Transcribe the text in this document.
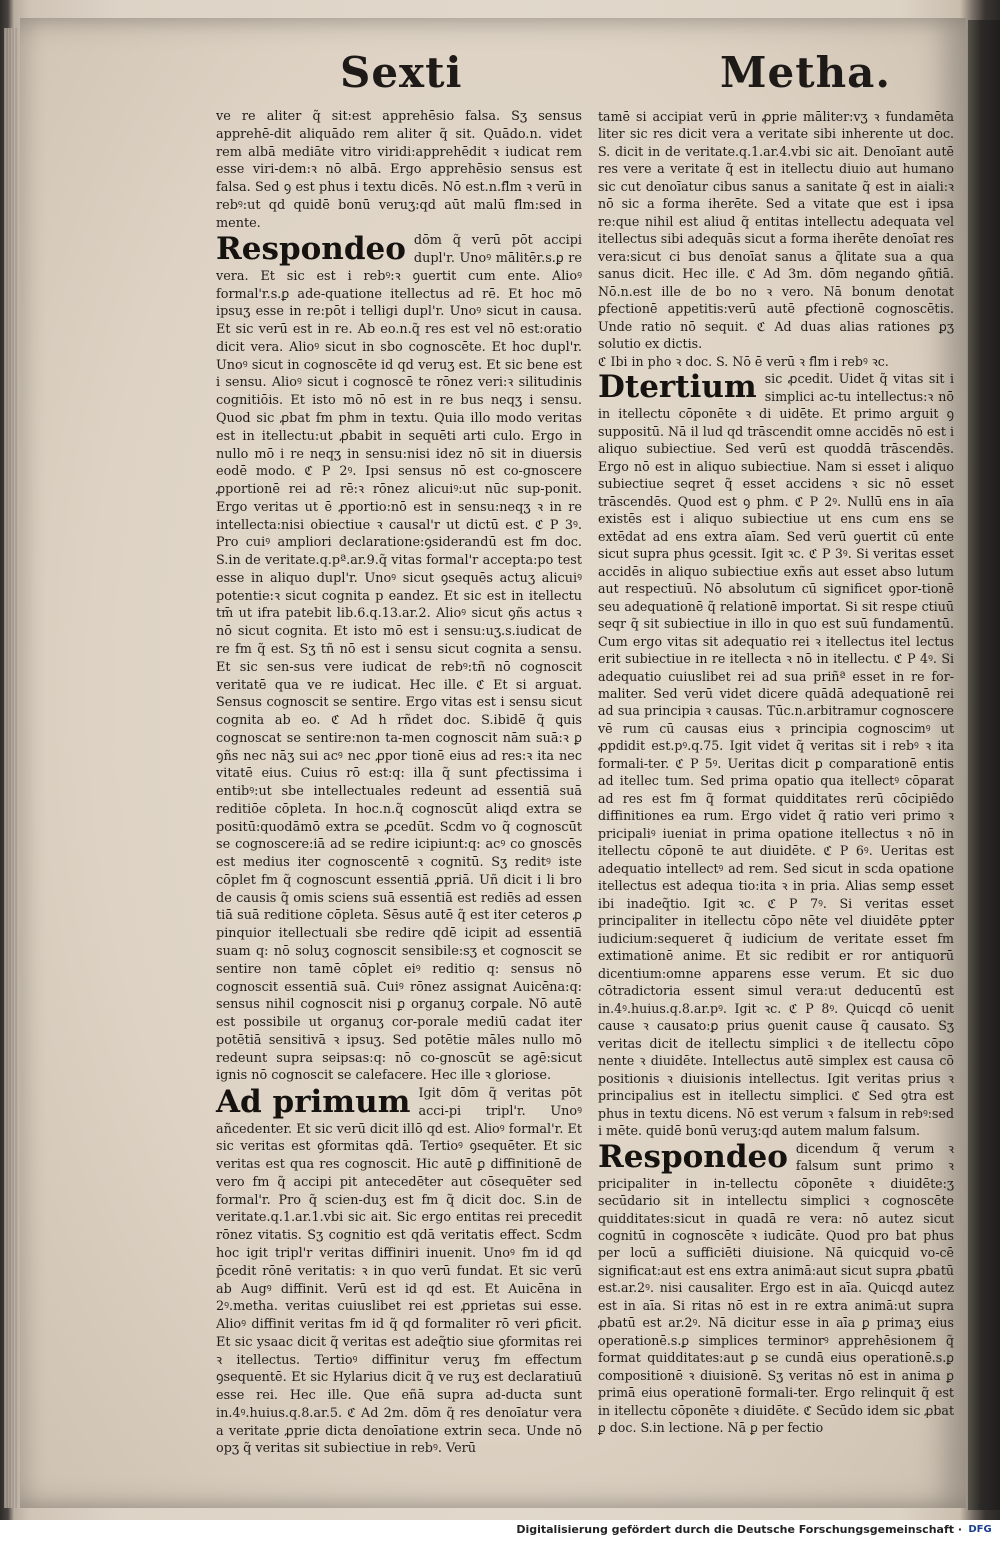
Sexti	Metha.

ve re aliter q̃ sit:est apprehēsio falsa. Sʒ sensus apprehē-dit aliquādo rem aliter q̃ sit. Quādo.n. videt rem albā mediāte vitro viridi:apprehēdit ꝛ iudicat rem esse viri-dem:ꝛ nō albā. Ergo apprehēsio sensus est falsa. Sed ꝯ est phus i textu dicēs. Nō est.n.fl̃m ꝛ verū in rebꝰ:ut qd quidē bonū veruʒ:qd aūt malū fl̃m:sed in mente.

Respondeo dōm q̃ verū pōt accipi dupl'r. Unoꝰ mālitēr.s.ꝑ re vera. Et sic est i rebꝰ:ꝛ ꝯuertit cum ente. Alioꝰ formal'r.s.ꝑ ade-quatione itellectus ad rē. Et hoc mō ipsuʒ esse in re:pōt i telligi dupl'r. Unoꝰ sicut in causa. Et sic verū est in re. Ab eo.n.q̃ res est vel nō est:oratio dicit vera. Alioꝰ sicut in sbo cognoscēte. Et hoc dupl'r. Unoꝰ sicut in cognoscēte id qd veruʒ est. Et sic bene est i sensu. Alioꝰ sicut i cognoscē te rōnez veri:ꝛ silitudinis cognitiōis. Et isto mō nō est in re bus neqʒ i sensu. Quod sic ꝓbat fm phm in textu. Quia illo modo veritas est in itellectu:ut ꝓbabit in sequēti arti culo. Ergo in nullo mō i re neqʒ in sensu:nisi idez nō sit in diuersis eodē modo. ℭ P 2ꝰ. Ipsi sensus nō est co-gnoscere ꝓportionē rei ad rē:ꝛ rōnez alicuiꝰ:ut nūc sup-ponit. Ergo veritas ut ē ꝓportio:nō est in sensu:neqʒ ꝛ in re intellecta:nisi obiectiue ꝛ causal'r ut dictū est. ℭ P 3ꝰ. Pro cuiꝰ ampliori declaratione:ꝯsiderandū est fm doc. S.in de veritate.q.pª.ar.9.q̃ vitas formal'r accepta:po test esse in aliquo dupl'r. Unoꝰ sicut ꝯsequēs actuʒ alicuiꝰ potentie:ꝛ sicut cognita p eandez. Et sic est in itellectu tm̄ ut ifra patebit lib.6.q.13.ar.2. Alioꝰ sicut ꝯñs actus ꝛ nō sicut cognita. Et isto mō est i sensu:uʒ.s.iudicat de re fm q̃ est. Sʒ tñ nō est i sensu sicut cognita a sensu. Et sic sen-sus vere iudicat de rebꝰ:tñ nō cognoscit veritatē qua ve re iudicat. Hec ille. ℭ Et si arguat. Sensus cognoscit se sentire. Ergo vitas est i sensu sicut cognita ab eo. ℭ Ad h rñdet doc. S.ibidē q̃ ꝗuis cognoscat se sentire:non ta-men cognoscit nām suā:ꝛ ꝑ ꝯñs nec nāʒ sui acꝰ nec ꝓpor tionē eius ad res:ꝛ ita nec vitatē eius. Cuius rō est:q: illa q̃ sunt ꝑfectissima i entibꝰ:ut sbe intellectuales redeunt ad essentiā suā reditiōe cōpleta. In hoc.n.q̃ cognoscūt aliqd extra se positū:quodāmō extra se ꝓcedūt. Scdm vo q̃ cognoscūt se cognoscere:iā ad se redire icipiunt:q: acꝰ co gnoscēs est medius iter cognoscentē ꝛ cognitū. Sʒ reditꝰ iste cōplet fm q̃ cognoscunt essentiā ꝓpriā. Uñ dicit i li bro de causis q̃ omis sciens suā essentiā est rediēs ad essen tiā suā reditione cōpleta. Sēsus autē q̃ est iter ceteros ꝓ pinquior itellectuali sbe redire qdē icipit ad essentiā suam q: nō soluʒ cognoscit sensibile:sʒ et cognoscit se sentire non tamē cōplet eiꝰ reditio q: sensus nō cognoscit essentiā suā. Cuiꝰ rōnez assignat Auicēna:q: sensus nihil cognoscit nisi ꝑ organuʒ corꝑale. Nō autē est possibile ut organuʒ cor-porale mediū cadat iter potētiā sensitivā ꝛ ipsuʒ. Sed potētie māles nullo mō redeunt supra seipsas:q: nō co-gnoscūt se agē:sicut ignis nō cognoscit se calefacere. Hec ille ꝛ gloriose.

Ad primum Igit dōm q̃ veritas pōt acci-pi tripl'r. Unoꝰ añcedenter. Et sic verū dicit illō qd est. Alioꝰ formal'r. Et sic veritas est ꝯformitas qdā. Tertioꝰ ꝯsequēter. Et sic veritas est qua res cognoscit. Hic autē ꝑ diffinitionē de vero fm q̃ accipi pit antecedēter aut cōsequēter sed formal'r. Pro q̃ scien-duʒ est fm q̃ dicit doc. S.in de veritate.q.1.ar.1.vbi sic ait. Sic ergo entitas rei precedit rōnez vitatis. Sʒ cognitio est qdā veritatis effect. Scdm hoc igit tripl'r veritas diffiniri inuenit. Unoꝰ fm id qd p̄cedit rōnē veritatis: ꝛ in quo verū fundat. Et sic verū ab Augꝰ diffinit. Verū est id qd est. Et Auicēna in 2ꝰ.metha. veritas cuiuslibet rei est ꝓprietas sui esse. Alioꝰ diffinit veritas fm id q̃ qd formaliter rō veri ꝑficit. Et sic ysaac dicit q̃ veritas est adeq̃tio siue ꝯformitas rei ꝛ itellectus. Tertioꝰ diffinitur veruʒ fm effectum ꝯsequentē. Et sic Hylarius dicit q̃ ve ruʒ est declaratiuū esse rei. Hec ille. Que eñā supra ad-ducta sunt in.4ꝰ.huius.q.8.ar.5. ℭ Ad 2m. dōm q̃ res denoīatur vera a veritate ꝓprie dicta denoīatione extrin seca. Unde nō opʒ q̃ veritas sit subiectiue in rebꝰ. Verū

tamē si accipiat verū in ꝓprie māliter:vʒ ꝛ fundamēta liter sic res dicit vera a veritate sibi inherente ut doc. S. dicit in de veritate.q.1.ar.4.vbi sic ait. Denoīant autē res vere a veritate q̃ est in itellectu diuio aut humano sic cut denoīatur cibus sanus a sanitate q̃ est in aiali:ꝛ nō sic a forma iherēte. Sed a vitate que est i ipsa re:que nihil est aliud q̃ entitas intellectu adequata vel itellectus sibi adequās sicut a forma iherēte denoīat res vera:sicut ci bus denoīat sanus a q̃litate sua a qua sanus dicit. Hec ille. ℭ Ad 3m. dōm negando ꝯñtiā. Nō.n.est ille de bo no ꝛ vero. Nā bonum denotat ꝑfectionē appetitis:verū autē ꝑfectionē cognoscētis. Unde ratio nō sequit. ℭ Ad duas alias rationes ꝑʒ solutio ex dictis.

ℭ Ibi in pho ꝛ doc. S. Nō ē verū ꝛ fl̃m i rebꝰ ꝛc.

Dtertium sic ꝓcedit. Uidet q̃ vitas sit i simplici ac-tu intellectus:ꝛ nō in itellectu cōponēte ꝛ di uidēte. Et primo arguit ꝯ suppositū. Nā il lud qd trāscendit omne accidēs nō est i aliquo subiectiue. Sed verū est quoddā trāscendēs. Ergo nō est in aliquo subiectiue. Nam si esset i aliquo subiectiue seqret q̃ esset accidens ꝛ sic nō esset trāscendēs. Quod est ꝯ phm. ℭ P 2ꝰ. Nullū ens in aīa existēs est i aliquo subiectiue ut ens cum ens se extēdat ad ens extra aīam. Sed verū ꝯuertit cū ente sicut supra phus ꝯcessit. Igit ꝛc. ℭ P 3ꝰ. Si veritas esset accidēs in aliquo subiectiue exñs aut esset abso lutum aut respectiuū. Nō absolutum cū significet ꝯpor-tionē seu adequationē q̃ relationē importat. Si sit respe ctiuū seqr q̃ sit subiectiue in illo in quo est suū fundamentū. Cum ergo vitas sit adequatio rei ꝛ itellectus itel lectus erit subiectiue in re itellecta ꝛ nō in itellectu. ℭ P 4ꝰ. Si adequatio cuiuslibet rei ad sua priñª esset in re for-maliter. Sed verū videt dicere quādā adequationē rei ad sua principia ꝛ causas. Tūc.n.arbitramur cognoscere vē rum cū causas eius ꝛ principia cognoscimꝰ ut ꝓpdidit est.pꝰ.q.75. Igit videt q̃ veritas sit i rebꝰ ꝛ ita formali-ter. ℭ P 5ꝰ. Ueritas dicit ꝑ comparationē entis ad itellec tum. Sed prima opatio qua itellectꝰ cōparat ad res est fm q̃ format quidditates rerū cōcipiēdo diffinitiones ea rum. Ergo videt q̃ ratio veri primo ꝛ pricipaliꝰ iueniat in prima opatione itellectus ꝛ nō in itellectu cōponē te aut diuidēte. ℭ P 6ꝰ. Ueritas est adequatio intellectꝰ ad rem. Sed sicut in scda opatione itellectus est adequa tio:ita ꝛ in pria. Alias semꝑ esset ibi inadeq̃tio. Igit ꝛc. ℭ P 7ꝰ. Si veritas esset principaliter in itellectu cōpo nēte vel diuidēte ꝑpter iudicium:sequeret q̃ iudicium de veritate esset fm extimationē anime. Et sic redibit er ror antiquorū dicentium:omne apparens esse verum. Et sic duo cōtradictoria essent simul vera:ut deducentū est in.4ꝰ.huius.q.8.ar.pꝰ. Igit ꝛc. ℭ P 8ꝰ. Quicqd cō uenit cause ꝛ causato:ꝑ prius ꝯuenit cause q̃ causato. Sʒ veritas dicit de itellectu simplici ꝛ de itellectu cōpo nente ꝛ diuidēte. Intellectus autē simplex est causa cō positionis ꝛ diuisionis intellectus. Igit veritas prius ꝛ principalius est in itellectu simplici. ℭ Sed ꝯtra est phus in textu dicens. Nō est verum ꝛ falsum in rebꝰ:sed i mēte. quidē bonū veruʒ:qd autem malum falsum.

Respondeo dicendum q̃ verum ꝛ falsum sunt primo ꝛ pricipaliter in in-tellectu cōponēte ꝛ diuidēte:ʒ secūdario sit in intellectu simplici ꝛ cognoscēte quidditates:sicut in quadā re vera: nō autez sicut cognitū in cognoscēte ꝛ iudicāte. Quod pro bat phus per locū a sufficiēti diuisione. Nā quicquid vo-cē significat:aut est ens extra animā:aut sicut supra ꝓbatū est.ar.2ꝰ. nisi causaliter. Ergo est in aīa. Quicqd autez est in aīa. Si ritas nō est in re extra animā:ut supra ꝓbatū est ar.2ꝰ. Nā dicitur esse in aīa ꝑ primaʒ eius operationē.s.ꝑ simplices terminorꝰ apprehēsionem q̃ format quidditates:aut ꝑ se cundā eius operationē.s.ꝑ compositionē ꝛ diuisionē. Sʒ veritas nō est in anima ꝑ primā eius operationē formali-ter. Ergo relinquit q̃ est in itellectu cōponēte ꝛ diuidēte. ℭ Secūdo idem sic ꝓbat ꝑ doc. S.in lectione. Nā ꝑ per fectio

Digitalisierung gefördert durch die Deutsche Forschungsgemeinschaft · DFG
